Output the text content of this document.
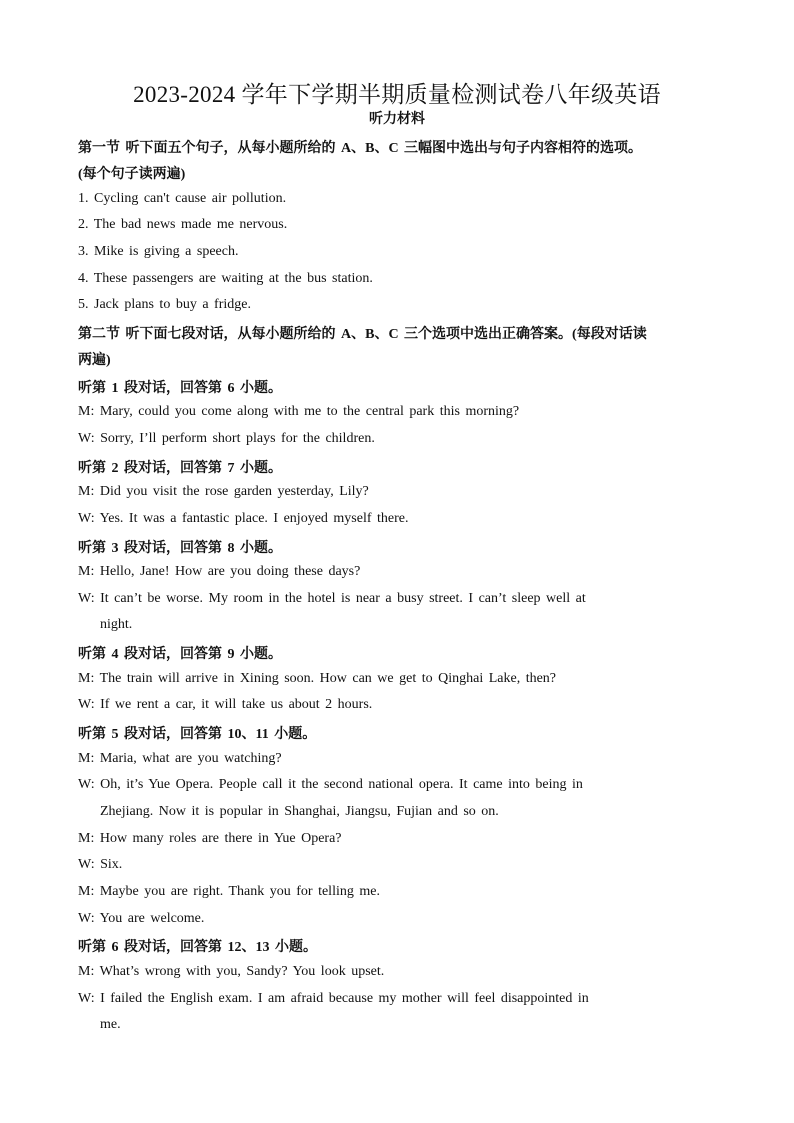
2023-2024 学年下学期半期质量检测试卷八年级英语
听力材料
第一节 听下面五个句子，从每小题所给的 A、B、C 三幅图中选出与句子内容相符的选项。
(每个句子读两遍)
1. Cycling can't cause air pollution.
2. The bad news made me nervous.
3. Mike is giving a speech.
4. These passengers are waiting at the bus station.
5. Jack plans to buy a fridge.
第二节 听下面七段对话，从每小题所给的 A、B、C 三个选项中选出正确答案。(每段对话读
两遍)
听第 1 段对话，回答第 6 小题。
M: Mary, could you come along with me to the central park this morning?
W: Sorry, I’ll perform short plays for the children.
听第 2 段对话，回答第 7 小题。
M: Did you visit the rose garden yesterday, Lily?
W: Yes. It was a fantastic place. I enjoyed myself there.
听第 3 段对话，回答第 8 小题。
M: Hello, Jane! How are you doing these days?
W: It can’t be worse. My room in the hotel is near a busy street. I can’t sleep well at
night.
听第 4 段对话，回答第 9 小题。
M: The train will arrive in Xining soon. How can we get to Qinghai Lake, then?
W: If we rent a car, it will take us about 2 hours.
听第 5 段对话，回答第 10、11 小题。
M: Maria, what are you watching?
W: Oh, it’s Yue Opera. People call it the second national opera. It came into being in
Zhejiang. Now it is popular in Shanghai, Jiangsu, Fujian and so on.
M: How many roles are there in Yue Opera?
W: Six.
M: Maybe you are right. Thank you for telling me.
W: You are welcome.
听第 6 段对话，回答第 12、13 小题。
M: What’s wrong with you, Sandy? You look upset.
W: I failed the English exam. I am afraid because my mother will feel disappointed in
me.
